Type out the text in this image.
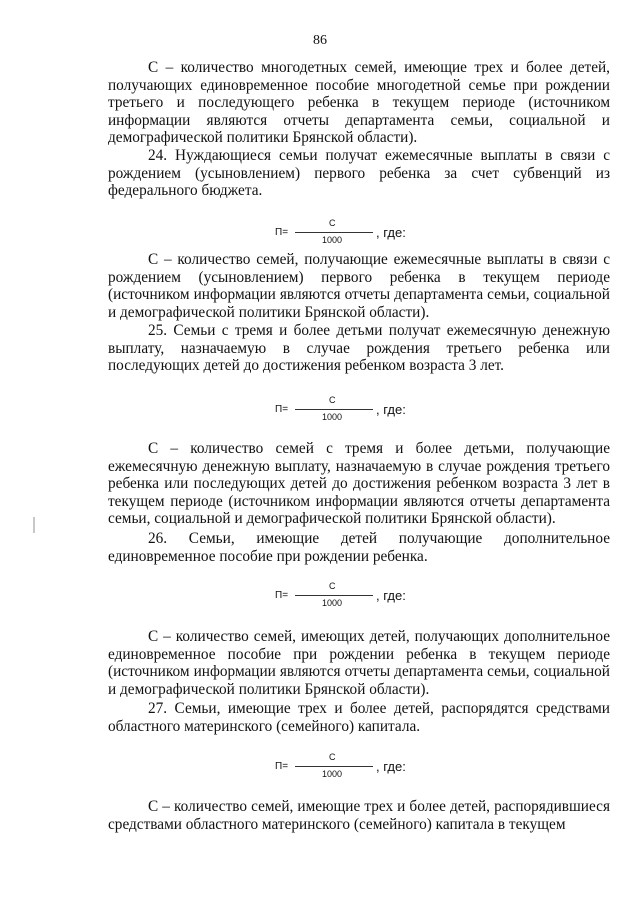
86
С – количество многодетных семей, имеющие трех и более детей, получающих единовременное пособие многодетной семье при рождении третьего и последующего ребенка в текущем периоде (источником информации являются отчеты департамента семьи, социальной и демографической политики Брянской области).
24. Нуждающиеся семьи получат ежемесячные выплаты в связи с рождением (усыновлением) первого ребенка за счет субвенций из федерального бюджета.
П=
С
1000	, где:
С – количество семей, получающие ежемесячные выплаты в связи с рождением (усыновлением) первого ребенка в текущем периоде (источником информации являются отчеты департамента семьи, социальной и демографической политики Брянской области).
25. Семьи с тремя и более детьми получат ежемесячную денежную выплату, назначаемую в случае рождения третьего ребенка или последующих детей до достижения ребенком возраста 3 лет.
П=
С
1000	, где:
С – количество семей с тремя и более детьми, получающие ежемесячную денежную выплату, назначаемую в случае рождения третьего ребенка или последующих детей до достижения ребенком возраста 3 лет в текущем периоде (источником информации являются отчеты департамента семьи, социальной и демографической политики Брянской области).
26. Семьи, имеющие детей получающие дополнительное единовременное пособие при рождении ребенка.
П=
С
1000	, где:
С – количество семей, имеющих детей, получающих дополнительное единовременное пособие при рождении ребенка в текущем периоде (источником информации являются отчеты департамента семьи, социальной и демографической политики Брянской области).
27. Семьи, имеющие трех и более детей, распорядятся средствами областного материнского (семейного) капитала.
П=
С
1000	, где:
С – количество семей, имеющие трех и более детей, распорядившиеся средствами областного материнского (семейного) капитала в текущем
